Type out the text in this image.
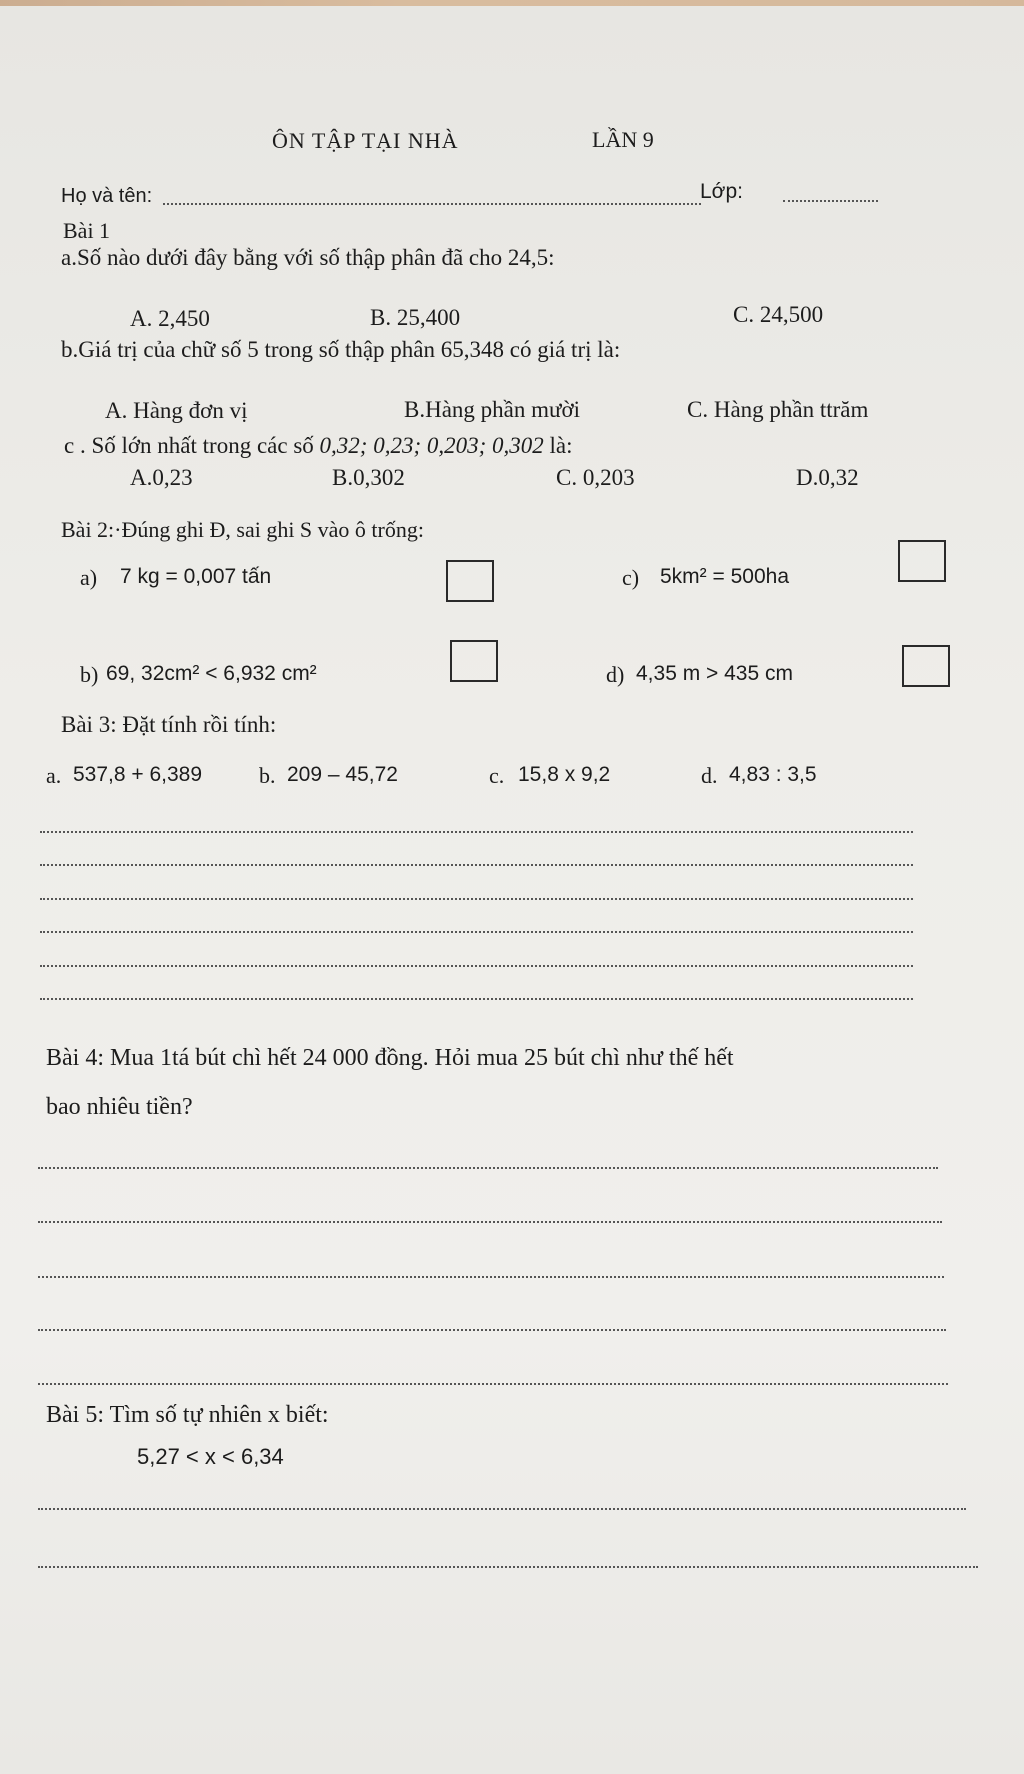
ÔN TẬP TẠI NHÀ	LẦN 9
Họ và tên:	Lớp:
Bài 1
a.Số nào dưới đây bằng với số thập phân đã cho 24,5:
A. 2,450	B. 25,400	C. 24,500
b.Giá trị của chữ số 5 trong số thập phân 65,348 có giá trị là:
A. Hàng đơn vị	B.Hàng phần mười	C. Hàng phần ttrăm
c . Số lớn nhất trong các số 0,32; 0,23; 0,203; 0,302 là:
A.0,23	B.0,302	C. 0,203	D.0,32
Bài 2:·Đúng ghi Đ, sai ghi S vào ô trống:
a) 7 kg = 0,007 tấn	c) 5km² = 500ha
b) 69, 32cm² < 6,932 cm²	d) 4,35 m > 435 cm
Bài 3: Đặt tính rồi tính:
a. 537,8 + 6,389	b. 209 – 45,72	c. 15,8 x 9,2	d. 4,83 : 3,5
Bài 4: Mua 1tá bút chì hết 24 000 đồng. Hỏi mua 25 bút chì như thế hết
bao nhiêu tiền?
Bài 5: Tìm số tự nhiên x biết:
5,27 < x < 6,34
